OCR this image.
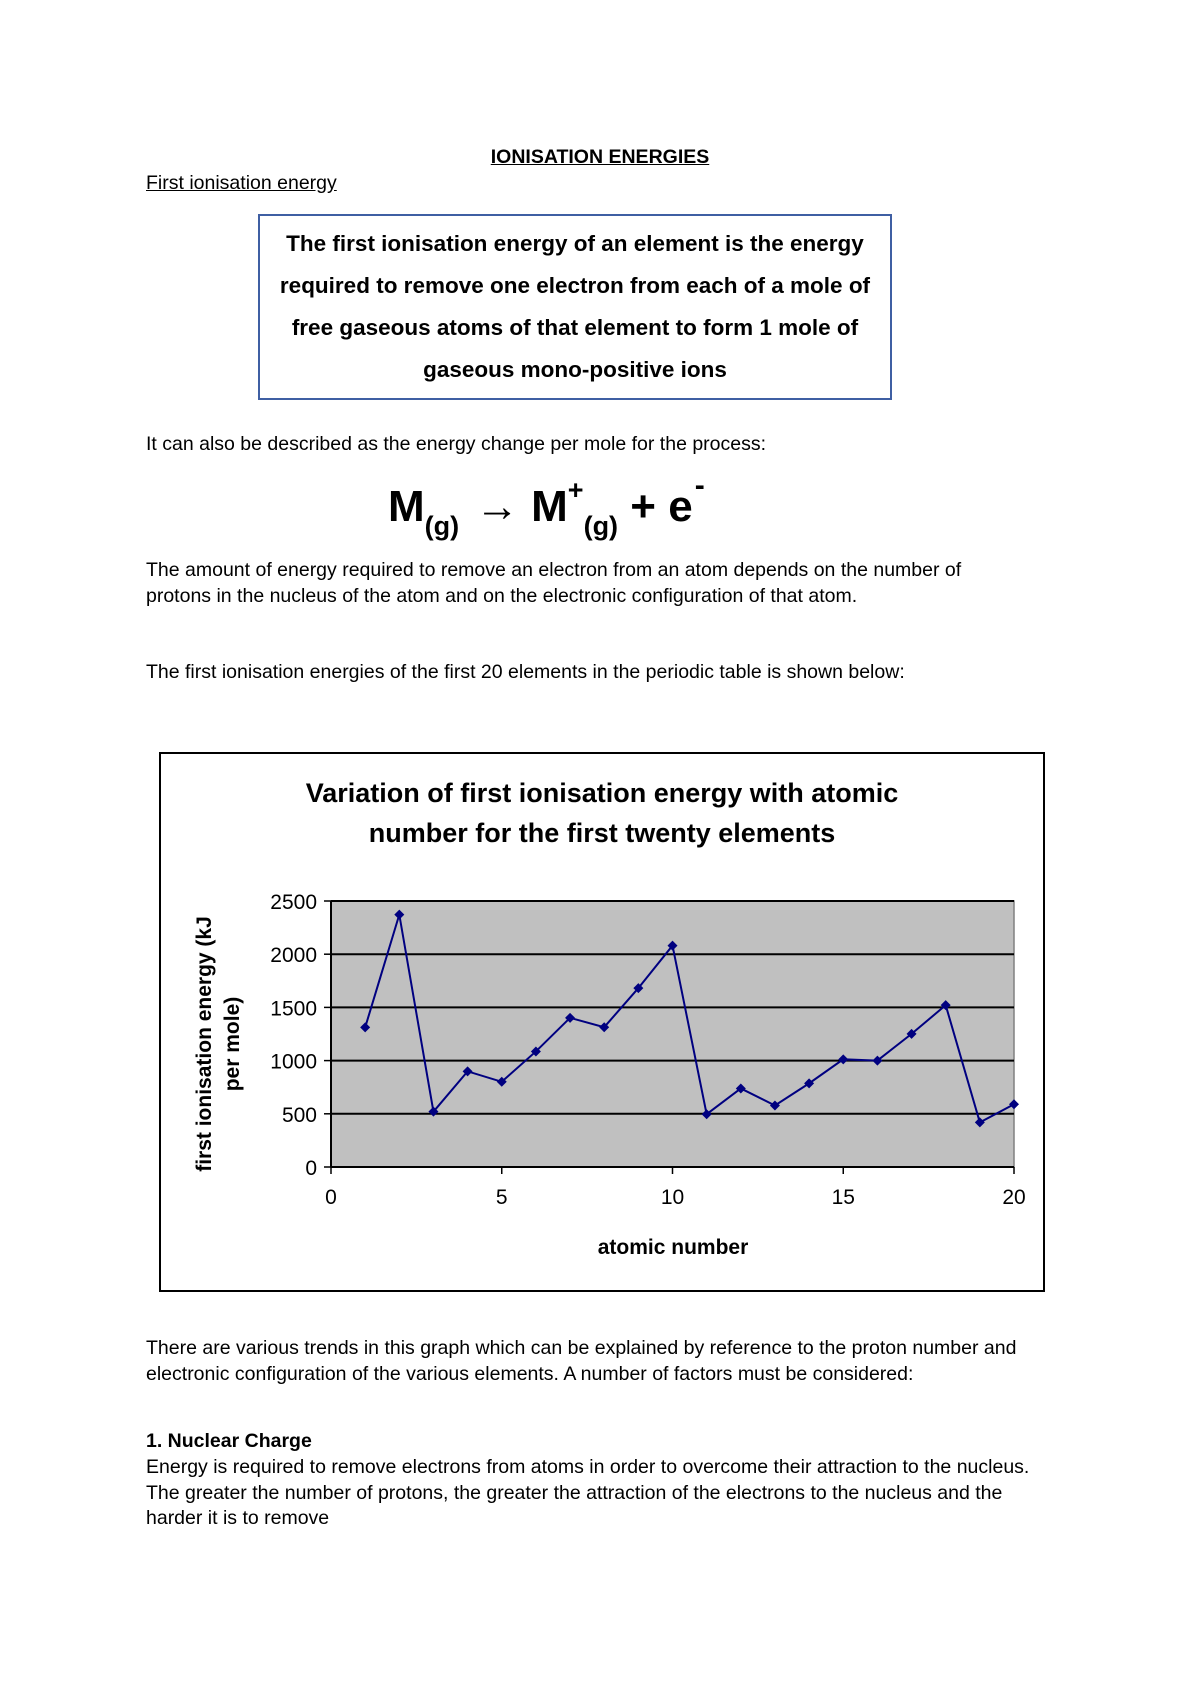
IONISATION ENERGIES
First ionisation energy
The first ionisation energy of an element is the energy required to remove one electron from each of a mole of free gaseous atoms of that element to form 1 mole of gaseous mono-positive ions
It can also be described as the energy change per mole for the process:
$M_{(g)} \to M^+_{(g)} + e^-$
The amount of energy required to remove an electron from an atom depends on the number of protons in the nucleus of the atom and on the electronic configuration of that atom.
The first ionisation energies of the first 20 elements in the periodic table is shown below:
Variation of first ionisation energy with atomic
number for the first twenty elements
0
500
1000
1500
2000
2500
0	5	10	15	20
atomic number
first ionisation energy (kJ per mole)
There are various trends in this graph which can be explained by reference to the proton number and electronic configuration of the various elements. A number of factors must be considered:
1. Nuclear Charge
Energy is required to remove electrons from atoms in order to overcome their attraction to the nucleus. The greater the number of protons, the greater the attraction of the electrons to the nucleus and the harder it is to remove
